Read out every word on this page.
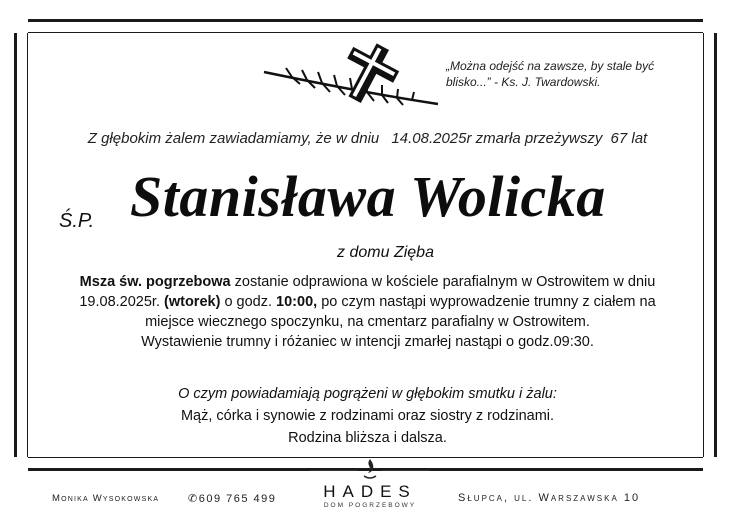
„Można odejść na zawsze, by stale być blisko...” - Ks. J. Twardowski.
Z głębokim żalem zawiadamiamy, że w dniu 14.08.2025r zmarła przeżywszy 67 lat
Ś.P. Stanisława Wolicka
z domu Zięba
Msza św. pogrzebowa zostanie odprawiona w kościele parafialnym w Ostrowitem w dniu 19.08.2025r. (wtorek) o godz. 10:00, po czym nastąpi wyprowadzenie trumny z ciałem na miejsce wiecznego spoczynku, na cmentarz parafialny w Ostrowitem.
Wystawienie trumny i różaniec w intencji zmarłej nastąpi o godz.09:30.
O czym powiadamiają pogrążeni w głębokim smutku i żalu:
Mąż, córka i synowie z rodzinami oraz siostry z rodzinami.
Rodzina bliższa i dalsza.
Monika Wysokowska	✆609 765 499	HADES
DOM POGRZEBOWY
Słupca, ul. Warszawska 10
